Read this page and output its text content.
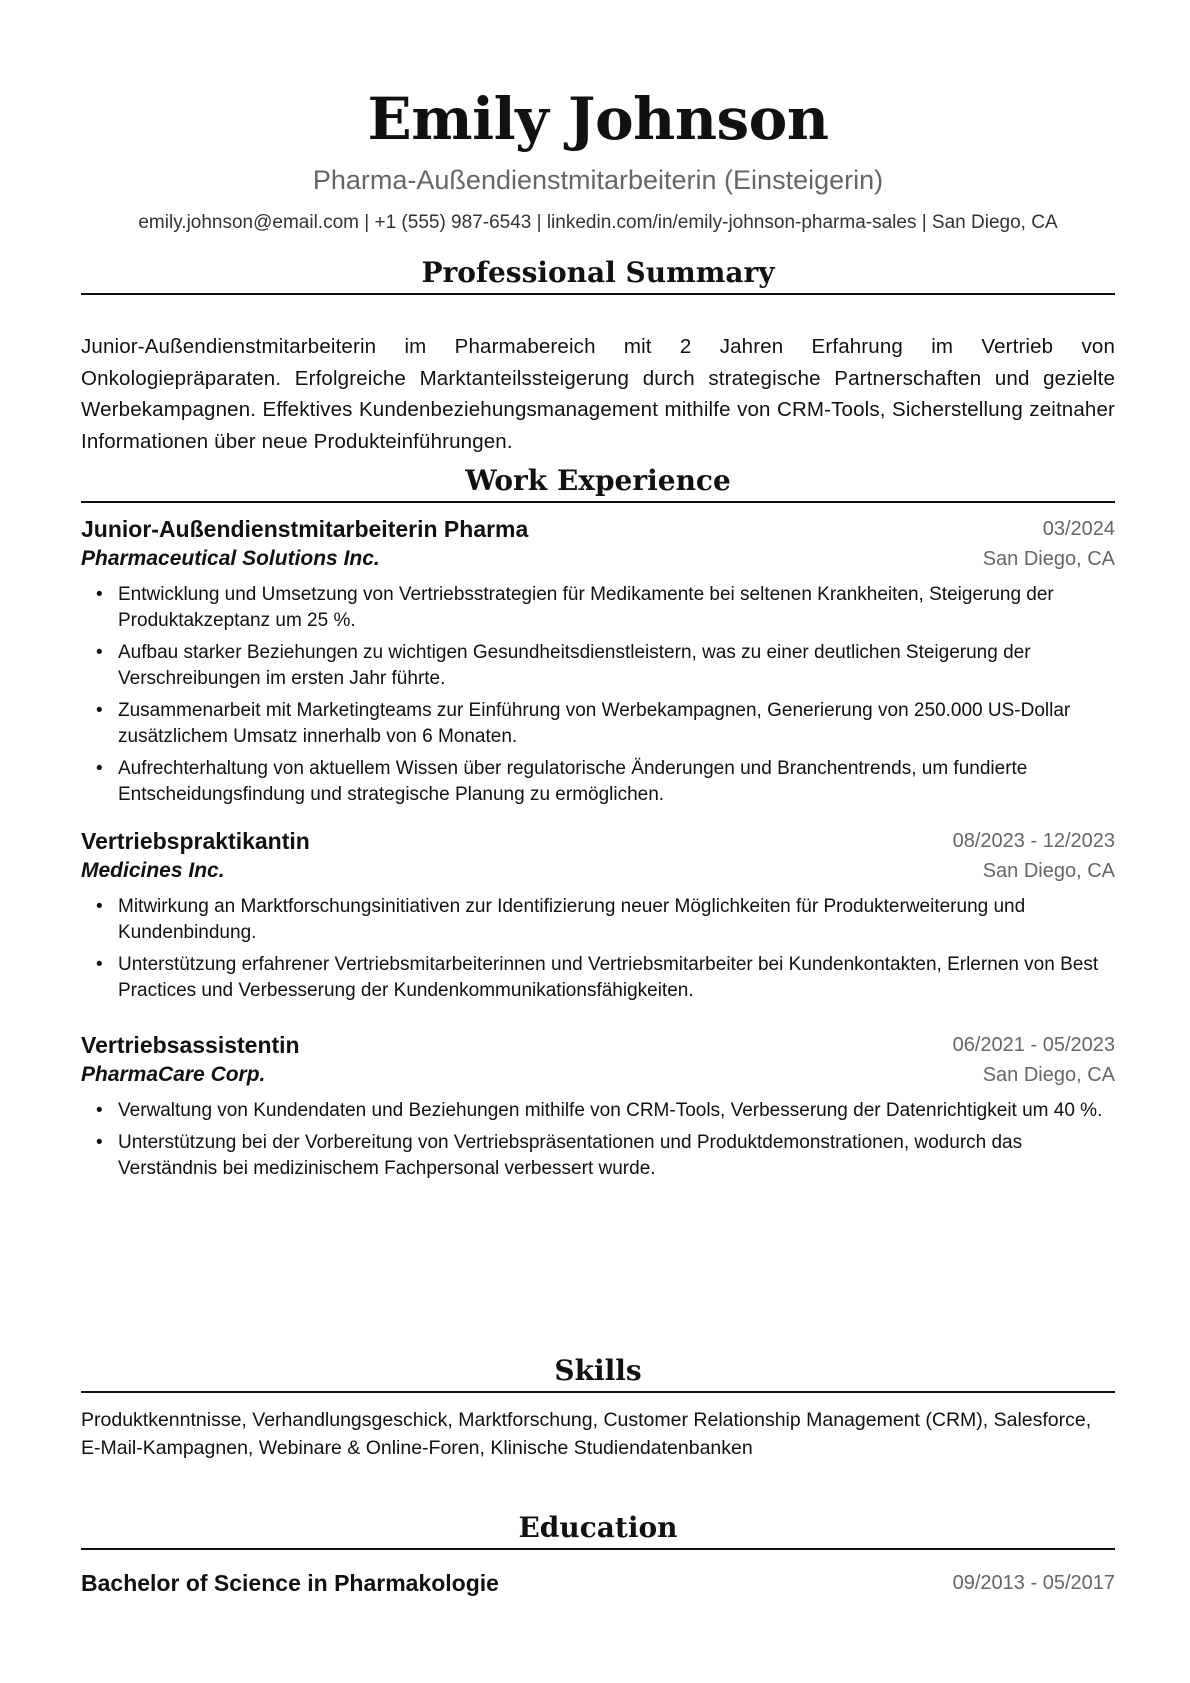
Emily Johnson
Pharma-Außendienstmitarbeiterin (Einsteigerin)
emily.johnson@email.com | +1 (555) 987-6543 | linkedin.com/in/emily-johnson-pharma-sales | San Diego, CA
Professional Summary
Junior-Außendienstmitarbeiterin im Pharmabereich mit 2 Jahren Erfahrung im Vertrieb von Onkologiepräparaten. Erfolgreiche Marktanteilssteigerung durch strategische Partnerschaften und gezielte Werbekampagnen. Effektives Kundenbeziehungsmanagement mithilfe von CRM-Tools, Sicherstellung zeitnaher Informationen über neue Produkteinführungen.
Work Experience
Junior-Außendienstmitarbeiterin Pharma	03/2024
Pharmaceutical Solutions Inc.	San Diego, CA
• Entwicklung und Umsetzung von Vertriebsstrategien für Medikamente bei seltenen Krankheiten, Steigerung der Produktakzeptanz um 25 %.
• Aufbau starker Beziehungen zu wichtigen Gesundheitsdienstleistern, was zu einer deutlichen Steigerung der Verschreibungen im ersten Jahr führte.
• Zusammenarbeit mit Marketingteams zur Einführung von Werbekampagnen, Generierung von 250.000 US-Dollar zusätzlichem Umsatz innerhalb von 6 Monaten.
• Aufrechterhaltung von aktuellem Wissen über regulatorische Änderungen und Branchentrends, um fundierte Entscheidungsfindung und strategische Planung zu ermöglichen.
Vertriebspraktikantin	08/2023 - 12/2023
Medicines Inc.	San Diego, CA
• Mitwirkung an Marktforschungsinitiativen zur Identifizierung neuer Möglichkeiten für Produkterweiterung und Kundenbindung.
• Unterstützung erfahrener Vertriebsmitarbeiterinnen und Vertriebsmitarbeiter bei Kundenkontakten, Erlernen von Best Practices und Verbesserung der Kundenkommunikationsfähigkeiten.
Vertriebsassistentin	06/2021 - 05/2023
PharmaCare Corp.	San Diego, CA
• Verwaltung von Kundendaten und Beziehungen mithilfe von CRM-Tools, Verbesserung der Datenrichtigkeit um 40 %.
• Unterstützung bei der Vorbereitung von Vertriebspräsentationen und Produktdemonstrationen, wodurch das Verständnis bei medizinischem Fachpersonal verbessert wurde.
Skills
Produktkenntnisse, Verhandlungsgeschick, Marktforschung, Customer Relationship Management (CRM), Salesforce, E-Mail-Kampagnen, Webinare & Online-Foren, Klinische Studiendatenbanken
Education
Bachelor of Science in Pharmakologie	09/2013 - 05/2017
